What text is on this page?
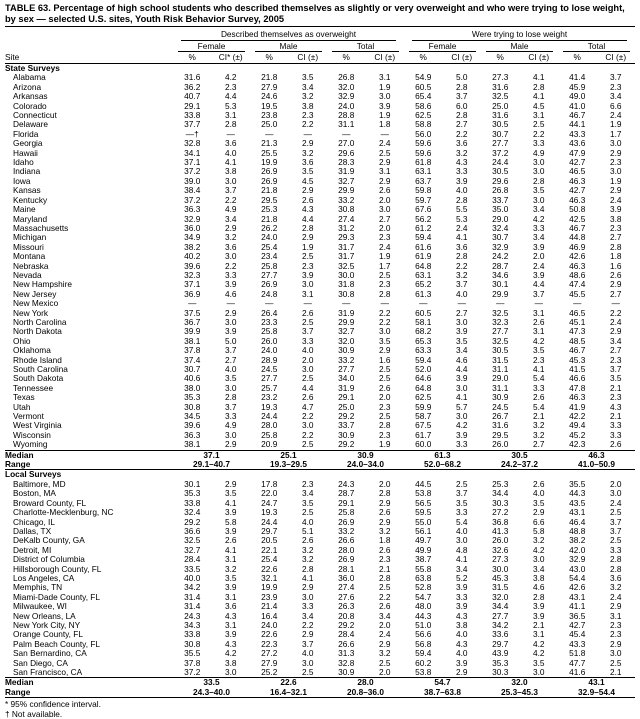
TABLE 63. Percentage of high school students who described themselves as slightly or very overweight and who were trying to lose weight, by sex — selected U.S. sites, Youth Risk Behavior Survey, 2005

	Described themselves as overweight						Were trying to lose weight					

	Female		Male		Total		Female		Male		Total	

Site	%	CI* (±)	%	CI (±)	%	CI (±)	%	CI (±)	%	CI (±)	%	CI (±)
State Surveys												
Alabama	31.6	4.2	21.8	3.5	26.8	3.1	54.9	5.0	27.3	4.1	41.4	3.7
Arizona	36.2	2.3	27.9	3.4	32.0	1.9	60.5	2.8	31.6	2.8	45.9	2.3
Arkansas	40.7	4.4	24.6	3.2	32.9	3.0	65.4	3.7	32.5	4.1	49.0	3.4
Colorado	29.1	5.3	19.5	3.8	24.0	3.9	58.6	6.0	25.0	4.5	41.0	6.6
Connecticut	33.8	3.1	23.8	2.3	28.8	1.9	62.5	2.8	31.6	3.1	46.7	2.4
Delaware	37.7	2.8	25.0	2.2	31.1	1.8	58.8	2.7	30.5	2.5	44.1	1.9
Florida	—†	—	—	—	—	—	56.0	2.2	30.7	2.2	43.3	1.7
Georgia	32.8	3.6	21.3	2.9	27.0	2.4	59.6	3.6	27.7	3.3	43.6	3.0
Hawaii	34.1	4.0	25.5	3.2	29.6	2.5	59.6	3.2	37.2	4.9	47.9	2.9
Idaho	37.1	4.1	19.9	3.6	28.3	2.9	61.8	4.3	24.4	3.0	42.7	2.3
Indiana	37.2	3.8	26.9	3.5	31.9	3.1	63.1	3.3	30.5	3.0	46.5	3.0
Iowa	39.0	3.0	26.9	4.5	32.7	2.9	63.7	3.9	29.6	2.8	46.3	1.9
Kansas	38.4	3.7	21.8	2.9	29.9	2.6	59.8	4.0	26.8	3.5	42.7	2.9
Kentucky	37.2	2.2	29.5	2.6	33.2	2.0	59.7	2.8	33.7	3.0	46.3	2.4
Maine	36.3	4.9	25.3	4.3	30.8	3.0	67.6	5.5	35.0	3.4	50.8	3.9
Maryland	32.9	3.4	21.8	4.4	27.4	2.7	56.2	5.3	29.0	4.2	42.5	3.8
Massachusetts	36.0	2.9	26.2	2.8	31.2	2.0	61.2	2.4	32.4	3.3	46.7	2.3
Michigan	34.9	3.2	24.0	2.9	29.3	2.3	59.4	4.1	30.7	3.4	44.8	2.7
Missouri	38.2	3.6	25.4	1.9	31.7	2.4	61.6	3.6	32.9	3.9	46.9	2.8
Montana	40.2	3.0	23.4	2.5	31.7	1.9	61.9	2.8	24.2	2.0	42.6	1.8
Nebraska	39.6	2.2	25.8	2.3	32.5	1.7	64.8	2.2	28.7	2.4	46.3	1.6
Nevada	32.3	3.3	27.7	3.9	30.0	2.5	63.1	3.2	34.6	3.9	48.6	2.6
New Hampshire	37.1	3.9	26.9	3.0	31.8	2.3	65.2	3.7	30.1	4.4	47.4	2.9
New Jersey	36.9	4.6	24.8	3.1	30.8	2.8	61.3	4.0	29.9	3.7	45.5	2.7
New Mexico	—	—	—	—	—	—	—	—	—	—	—	—
New York	37.5	2.9	26.4	2.6	31.9	2.2	60.5	2.7	32.5	3.1	46.5	2.2
North Carolina	36.7	3.0	23.3	2.5	29.9	2.2	58.1	3.0	32.3	2.6	45.1	2.4
North Dakota	39.9	3.9	25.8	3.7	32.7	3.0	68.2	3.9	27.7	3.1	47.3	2.9
Ohio	38.1	5.0	26.0	3.3	32.0	3.5	65.3	3.5	32.5	4.2	48.5	3.4
Oklahoma	37.8	3.7	24.0	4.0	30.9	2.9	63.3	3.4	30.5	3.5	46.7	2.7
Rhode Island	37.4	2.7	28.9	2.0	33.2	1.6	59.4	4.6	31.5	2.3	45.3	2.3
South Carolina	30.7	4.0	24.5	3.0	27.7	2.5	52.0	4.4	31.1	4.1	41.5	3.7
South Dakota	40.6	3.5	27.7	2.5	34.0	2.5	64.6	3.9	29.0	5.4	46.6	3.5
Tennessee	38.0	3.0	25.7	4.4	31.9	2.6	64.8	3.0	31.1	3.3	47.8	2.1
Texas	35.3	2.8	23.2	2.6	29.1	2.0	62.5	4.1	30.9	2.6	46.3	2.3
Utah	30.8	3.7	19.3	4.7	25.0	2.3	59.9	5.7	24.5	5.4	41.9	4.3
Vermont	34.5	3.3	24.4	2.2	29.2	2.5	58.7	3.0	26.7	2.1	42.2	2.1
West Virginia	39.6	4.9	28.0	3.0	33.7	2.8	67.5	4.2	31.6	3.2	49.4	3.3
Wisconsin	36.3	3.0	25.8	2.2	30.9	2.3	61.7	3.9	29.5	3.2	45.2	3.3
Wyoming	38.1	2.9	20.9	2.5	29.2	1.9	60.0	3.3	26.0	2.7	42.3	2.6
Median	37.1		25.1		30.9		61.3		30.5		46.3	
Range	29.1–40.7		19.3–29.5		24.0–34.0		52.0–68.2		24.2–37.2		41.0–50.9	
Local Surveys												
Baltimore, MD	30.1	2.9	17.8	2.3	24.3	2.0	44.5	2.5	25.3	2.6	35.5	2.0
Boston, MA	35.3	3.5	22.0	3.4	28.7	2.8	53.8	3.7	34.4	4.0	44.3	3.0
Broward County, FL	33.8	4.1	24.7	3.5	29.1	2.9	56.5	3.5	30.3	3.5	43.5	2.4
Charlotte-Mecklenburg, NC	32.4	3.9	19.3	2.5	25.8	2.6	59.5	3.3	27.2	2.9	43.1	2.5
Chicago, IL	29.2	5.8	24.4	4.0	26.9	2.9	55.0	5.4	36.8	6.6	46.4	3.7
Dallas, TX	36.6	3.9	29.7	5.1	33.2	3.2	56.1	4.0	41.3	5.8	48.8	3.7
DeKalb County, GA	32.5	2.6	20.5	2.6	26.6	1.8	49.7	3.0	26.0	3.2	38.2	2.5
Detroit, MI	32.7	4.1	22.1	3.2	28.0	2.6	49.9	4.8	32.6	4.2	42.0	3.3
District of Columbia	28.4	3.1	25.4	3.2	26.9	2.3	38.7	4.1	27.3	3.0	32.9	2.8
Hillsborough County, FL	33.5	3.2	22.6	2.8	28.1	2.1	55.8	3.4	30.0	3.4	43.0	2.8
Los Angeles, CA	40.0	3.5	32.1	4.1	36.0	2.8	63.8	5.2	45.3	3.8	54.4	3.6
Memphis, TN	34.2	3.9	19.9	2.9	27.4	2.5	52.8	3.9	31.5	4.6	42.6	3.2
Miami-Dade County, FL	31.4	3.1	23.9	3.0	27.6	2.2	54.7	3.3	32.0	2.8	43.1	2.4
Milwaukee, WI	31.4	3.6	21.4	3.3	26.3	2.6	48.0	3.9	34.4	3.9	41.1	2.9
New Orleans, LA	24.3	4.3	16.4	3.4	20.8	3.4	44.3	4.3	27.7	3.9	36.5	3.1
New York City, NY	34.3	3.1	24.0	2.2	29.2	2.0	51.0	3.8	34.2	2.1	42.7	2.3
Orange County, FL	33.8	3.9	22.6	2.9	28.4	2.4	56.6	4.0	33.6	3.1	45.4	2.3
Palm Beach County, FL	30.8	4.3	22.3	3.7	26.6	2.9	56.8	4.3	29.7	4.2	43.3	2.9
San Bernardino, CA	35.5	4.2	27.2	4.0	31.3	3.2	59.4	4.0	43.9	4.2	51.8	3.0
San Diego, CA	37.8	3.8	27.9	3.0	32.8	2.5	60.2	3.9	35.3	3.5	47.7	2.5
San Francisco, CA	37.2	3.0	25.2	2.5	30.9	2.0	53.8	2.9	30.3	3.0	41.6	2.1
Median	33.5		22.6		28.0		54.7		32.0		43.1	
Range	24.3–40.0		16.4–32.1		20.8–36.0		38.7–63.8		25.3–45.3		32.9–54.4	
* 95% confidence interval.
† Not available.
